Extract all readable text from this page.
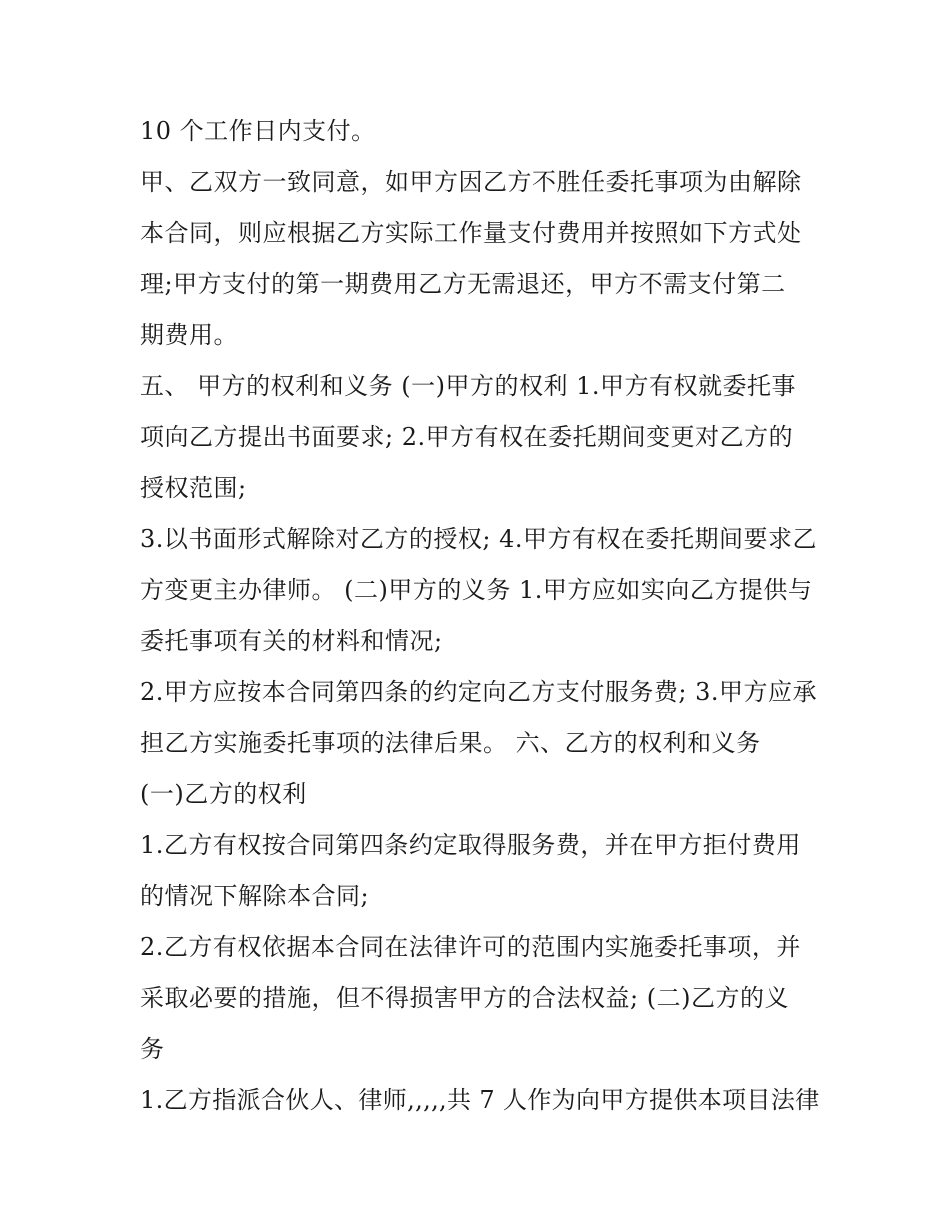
10 个工作日内支付。
甲、乙双方一致同意，如甲方因乙方不胜任委托事项为由解除
本合同，则应根据乙方实际工作量支付费用并按照如下方式处
理;甲方支付的第一期费用乙方无需退还，甲方不需支付第二
期费用。
五、 甲方的权利和义务 (一)甲方的权利 1.甲方有权就委托事
项向乙方提出书面要求; 2.甲方有权在委托期间变更对乙方的
授权范围;
3.以书面形式解除对乙方的授权; 4.甲方有权在委托期间要求乙
方变更主办律师。 (二)甲方的义务 1.甲方应如实向乙方提供与
委托事项有关的材料和情况;
2.甲方应按本合同第四条的约定向乙方支付服务费; 3.甲方应承
担乙方实施委托事项的法律后果。 六、乙方的权利和义务
(一)乙方的权利
1.乙方有权按合同第四条约定取得服务费，并在甲方拒付费用
的情况下解除本合同;
2.乙方有权依据本合同在法律许可的范围内实施委托事项，并
采取必要的措施，但不得损害甲方的合法权益; (二)乙方的义
务
1.乙方指派合伙人、律师,,,,,共 7 人作为向甲方提供本项目法律
